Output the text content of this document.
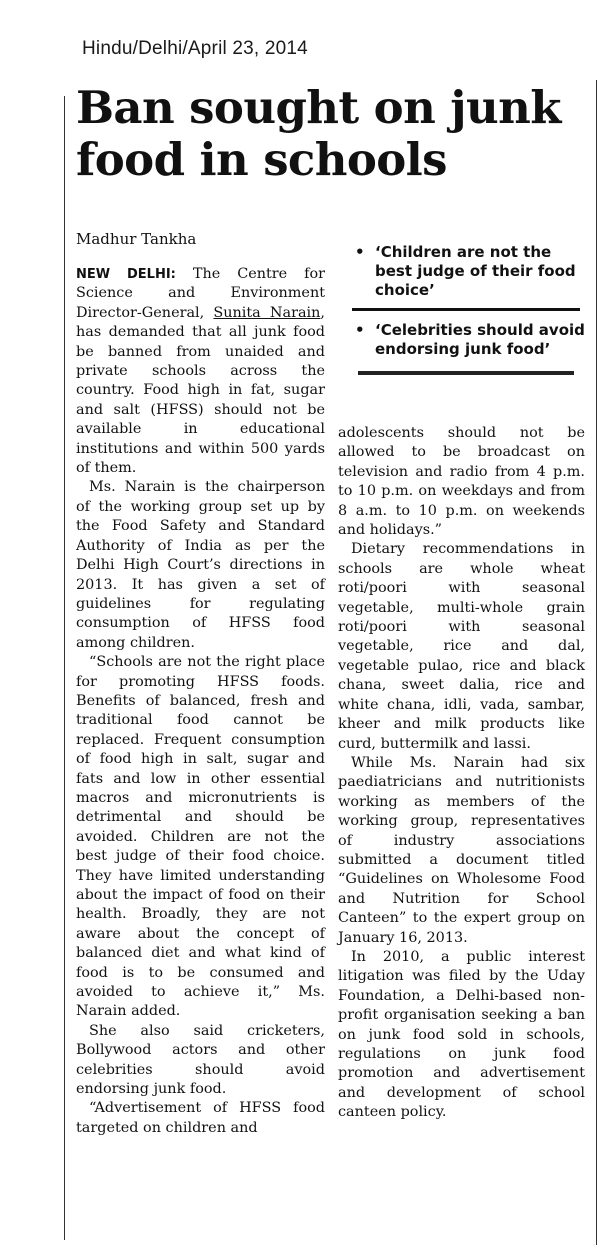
Hindu/Delhi/April 23, 2014
Ban sought on junk food in schools
Madhur Tankha
• ‘Children are not the best judge of their food choice’
• ‘Celebrities should avoid endorsing junk food’

NEW DELHI: The Centre for Science and Environment Director-General, Sunita Narain, has demanded that all junk food be banned from unaided and private schools across the country. Food high in fat, sugar and salt (HFSS) should not be available in educational institutions and within 500 yards of them.

Ms. Narain is the chairperson of the working group set up by the Food Safety and Standard Authority of India as per the Delhi High Court’s directions in 2013. It has given a set of guidelines for regulating consumption of HFSS food among children.

“Schools are not the right place for promoting HFSS foods. Benefits of balanced, fresh and traditional food cannot be replaced. Frequent consumption of food high in salt, sugar and fats and low in other essential macros and micronutrients is detrimental and should be avoided. Children are not the best judge of their food choice. They have limited understanding about the impact of food on their health. Broadly, they are not aware about the concept of balanced diet and what kind of food is to be consumed and avoided to achieve it,” Ms. Narain added.

She also said cricketers, Bollywood actors and other celebrities should avoid endorsing junk food.

“Advertisement of HFSS food targeted on children and

adolescents should not be allowed to be broadcast on television and radio from 4 p.m. to 10 p.m. on weekdays and from 8 a.m. to 10 p.m. on weekends and holidays.”

Dietary recommendations in schools are whole wheat roti/poori with seasonal vegetable, multi-whole grain roti/poori with seasonal vegetable, rice and dal, vegetable pulao, rice and black chana, sweet dalia, rice and white chana, idli, vada, sambar, kheer and milk products like curd, buttermilk and lassi.

While Ms. Narain had six paediatricians and nutritionists working as members of the working group, representatives of industry associations submitted a document titled “Guidelines on Wholesome Food and Nutrition for School Canteen” to the expert group on January 16, 2013.

In 2010, a public interest litigation was filed by the Uday Foundation, a Delhi-based non-profit organisation seeking a ban on junk food sold in schools, regulations on junk food promotion and advertisement and development of school canteen policy.
